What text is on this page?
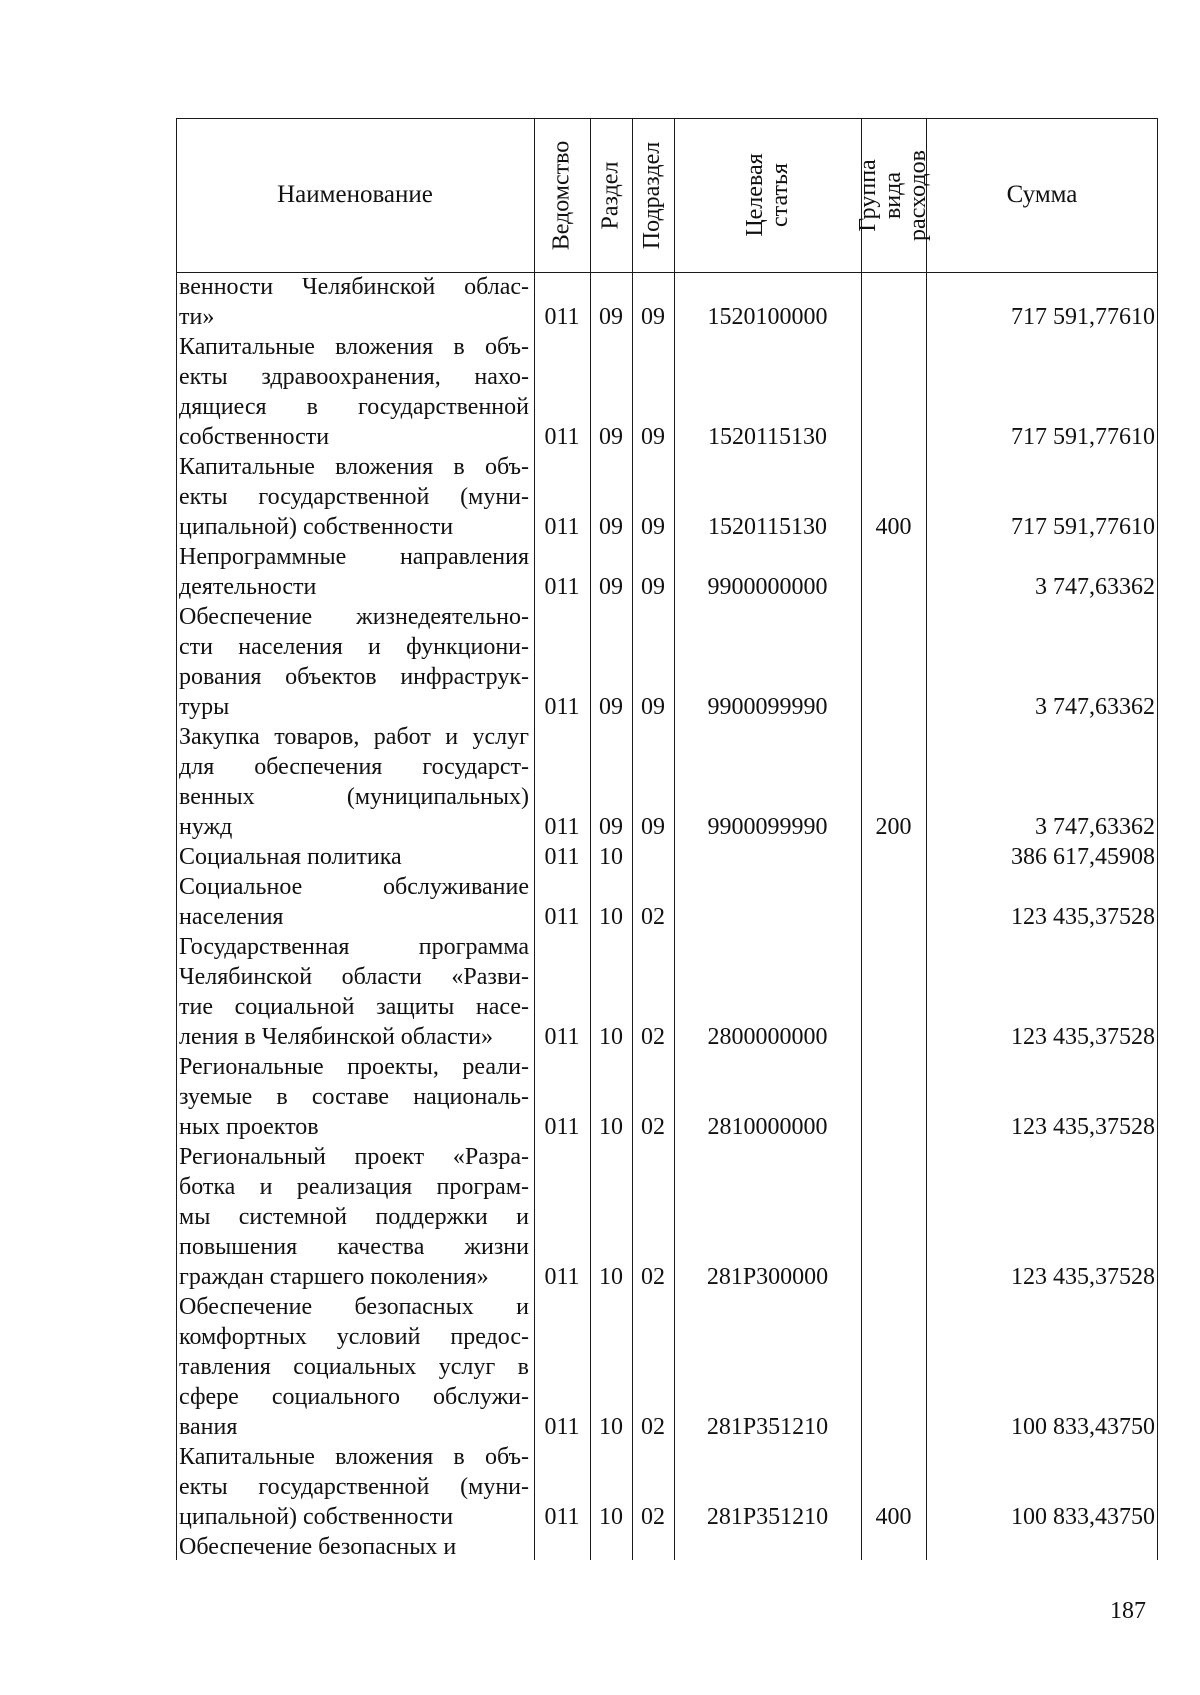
Наименование	Ведомство Раздел Подраздел	Целевая статья	Группа вида расходов	Сумма
венности Челябинской облас-
ти»	011 09 09	1520100000	717 591,77610
Капитальные вложения в объ-
екты здравоохранения, нахо-
дящиеся в государственной
собственности	011 09 09	1520115130	717 591,77610
Капитальные вложения в объ-
екты государственной (муни-
ципальной) собственности	011 09 09	1520115130	400	717 591,77610
Непрограммные направления
деятельности	011 09 09	9900000000	3 747,63362
Обеспечение жизнедеятельно-
сти населения и функциони-
рования объектов инфраструк-
туры	011 09 09	9900099990	3 747,63362
Закупка товаров, работ и услуг
для обеспечения государст-
венных (муниципальных)
нужд	011 09 09	9900099990	200	3 747,63362
Социальная политика	011 10	386 617,45908
Социальное обслуживание
населения	011 10 02	123 435,37528
Государственная программа
Челябинской области «Разви-
тие социальной защиты насе-
ления в Челябинской области»	011 10 02	2800000000	123 435,37528
Региональные проекты, реали-
зуемые в составе националь-
ных проектов	011 10 02	2810000000	123 435,37528
Региональный проект «Разра-
ботка и реализация програм-
мы системной поддержки и
повышения качества жизни
граждан старшего поколения»	011 10 02	281P300000	123 435,37528
Обеспечение безопасных и
комфортных условий предос-
тавления социальных услуг в
сфере социального обслужи-
вания	011 10 02	281P351210	100 833,43750
Капитальные вложения в объ-
екты государственной (муни-
ципальной) собственности	011 10 02	281P351210	400	100 833,43750
Обеспечение безопасных и
187
